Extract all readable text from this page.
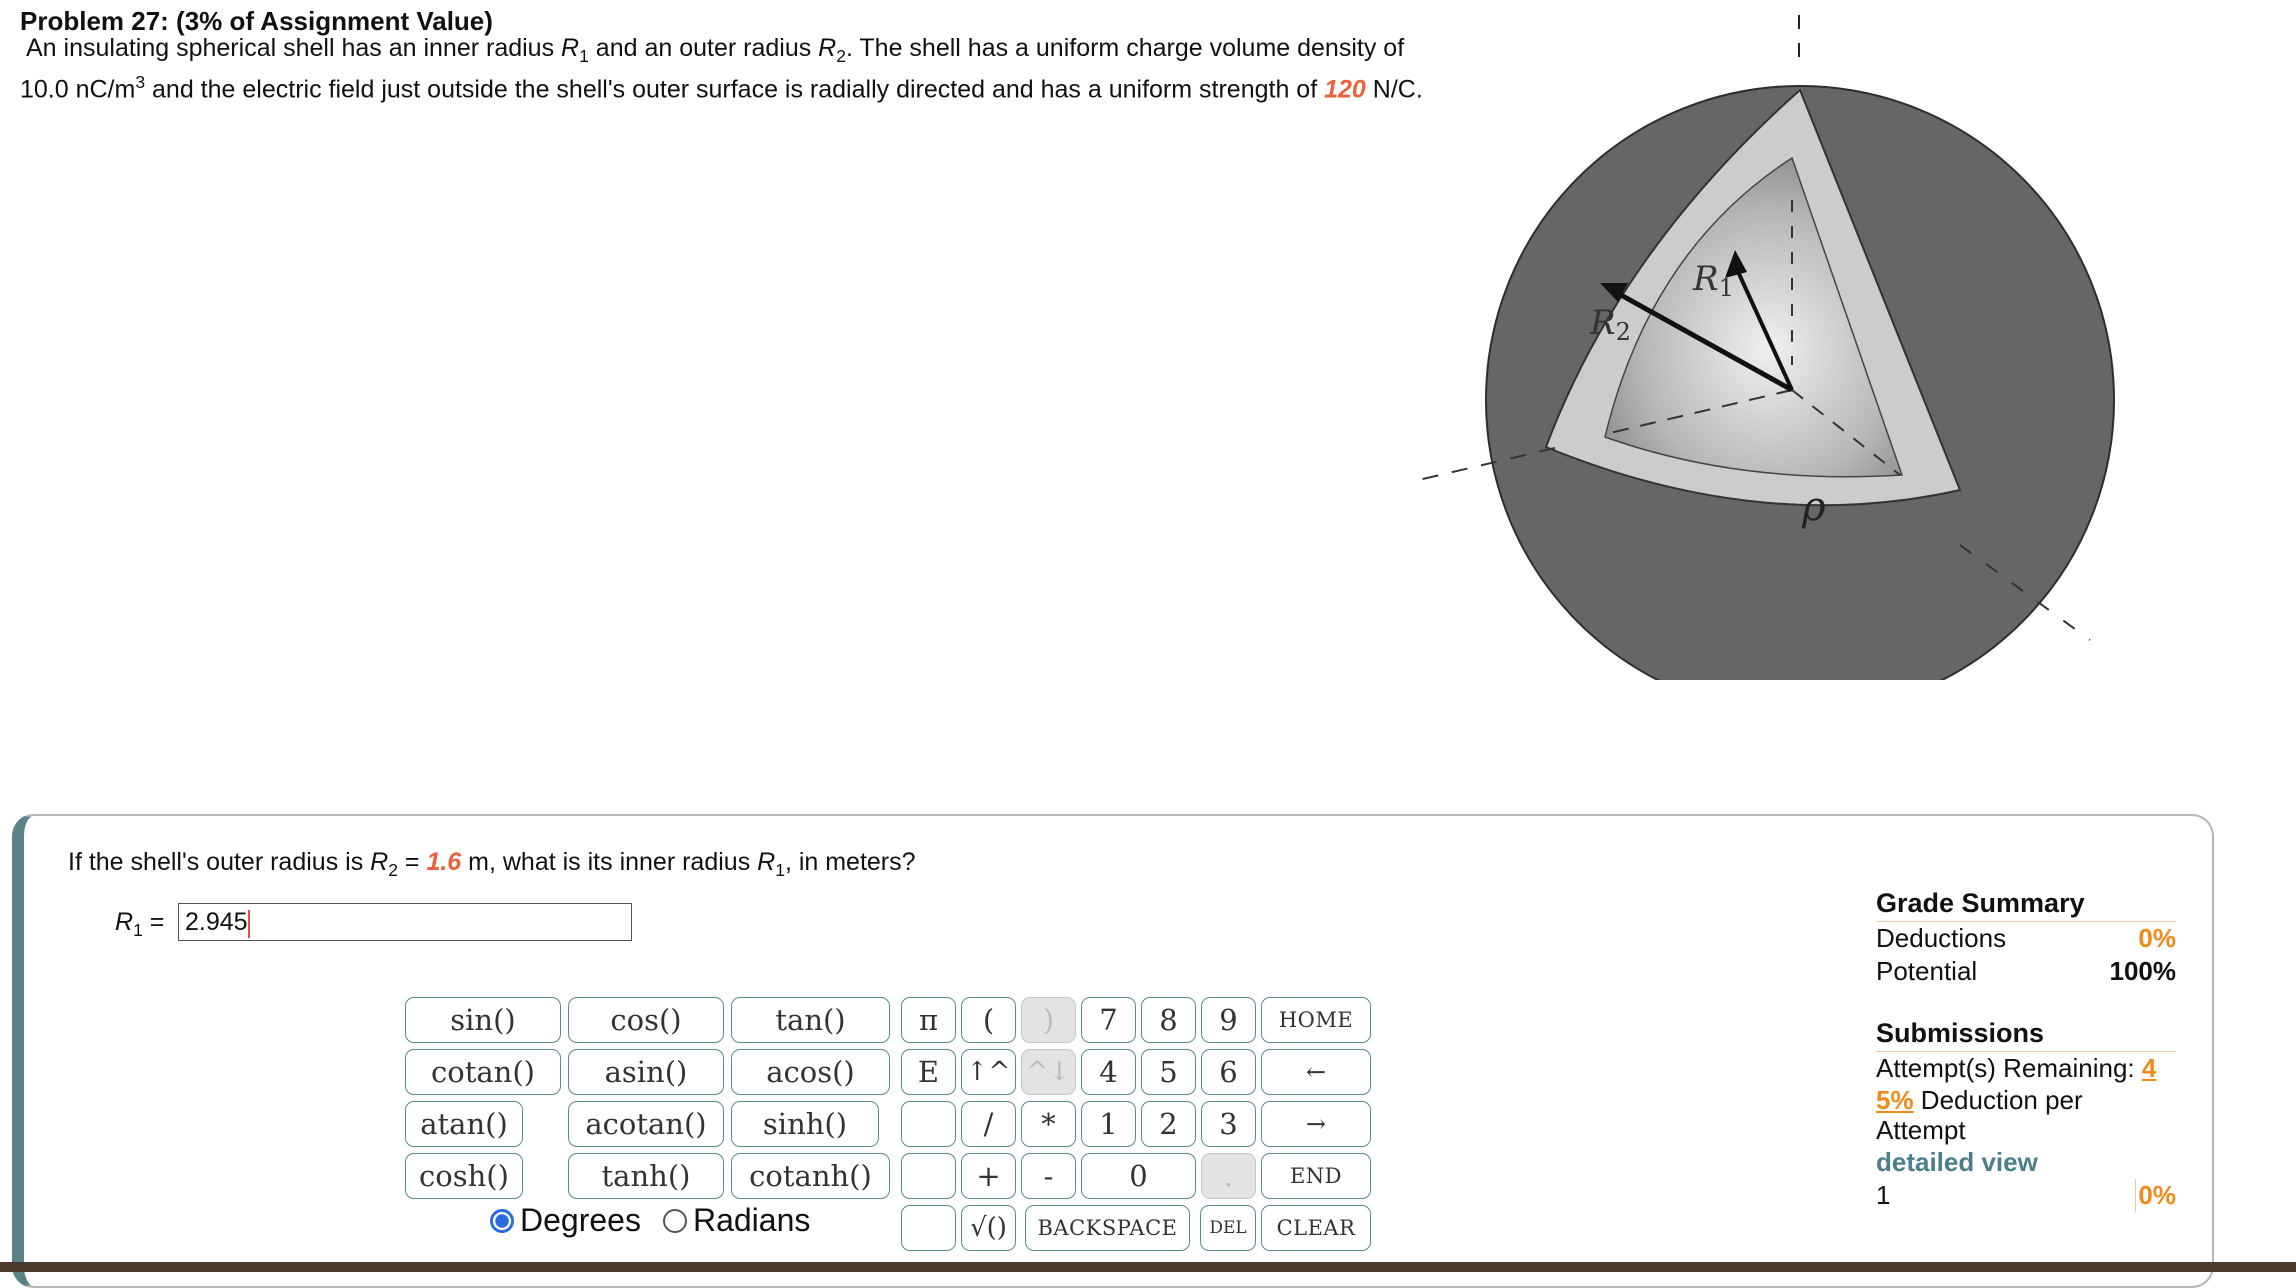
Problem 27: (3% of Assignment Value)
An insulating spherical shell has an inner radius $R_1$ and an outer radius $R_2$. The shell has a uniform charge volume density of
10.0 $nC/m^3$ and the electric field just outside the shell's outer surface is radially directed and has a uniform strength of 120 N/C.
R1
R2
ρ
If the shell's outer radius is $R_2 = 1.6$ m, what is its inner radius $R_1$, in meters?
$R_1$ =
2.945
sin()	cos()	tan()
cotan()	asin()	acos()
atan()	acotan()	sinh()
cosh()	tanh()	cotanh()
π	(	)
E	↑^ ^↓
/	*
+	-
√()
7	8	9
4	5	6
1	2	3
0	.
BACKSPACE	DEL
HOME
←
→
END
CLEAR
Degrees Radians
Grade Summary
Deductions	0%
Potential	100%
Submissions
Attempt(s) Remaining: 4
5% Deduction per
Attempt
detailed view
1	0%
